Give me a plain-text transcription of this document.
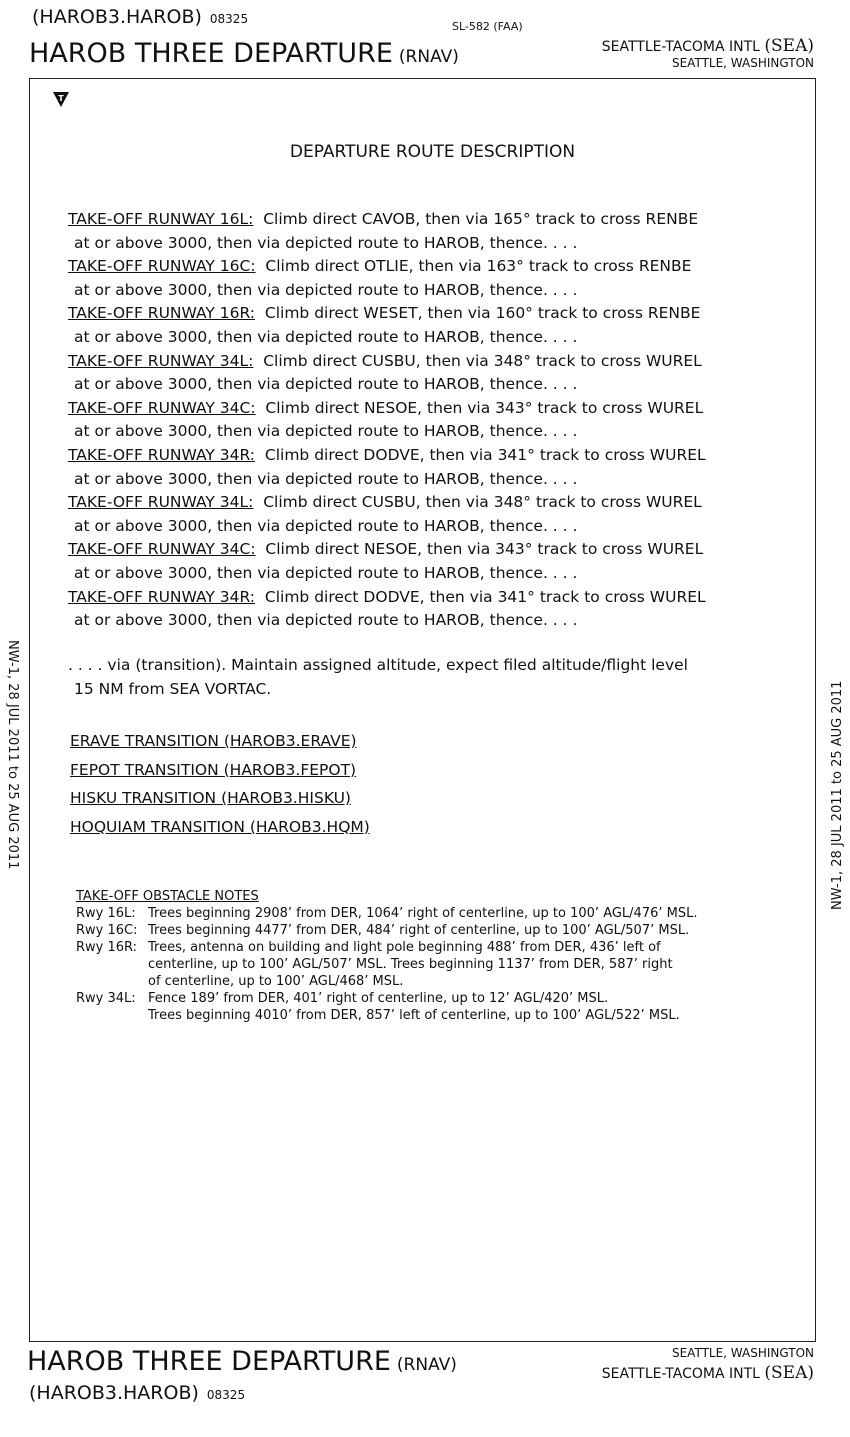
(HAROB3.HAROB) 08325
SL-582 (FAA)
HAROB THREE DEPARTURE (RNAV)	SEATTLE-TACOMA INTL (SEA)
SEATTLE, WASHINGTON
T
NW-1, 28 JUL 2011 to 25 AUG 2011	NW-1, 28 JUL 2011 to 25 AUG 2011
DEPARTURE ROUTE DESCRIPTION
TAKE-OFF RUNWAY 16L: Climb direct CAVOB, then via 165° track to cross RENBE
at or above 3000, then via depicted route to HAROB, thence. . . .
TAKE-OFF RUNWAY 16C: Climb direct OTLIE, then via 163° track to cross RENBE
at or above 3000, then via depicted route to HAROB, thence. . . .
TAKE-OFF RUNWAY 16R: Climb direct WESET, then via 160° track to cross RENBE
at or above 3000, then via depicted route to HAROB, thence. . . .
TAKE-OFF RUNWAY 34L: Climb direct CUSBU, then via 348° track to cross WUREL
at or above 3000, then via depicted route to HAROB, thence. . . .
TAKE-OFF RUNWAY 34C: Climb direct NESOE, then via 343° track to cross WUREL
at or above 3000, then via depicted route to HAROB, thence. . . .
TAKE-OFF RUNWAY 34R: Climb direct DODVE, then via 341° track to cross WUREL
at or above 3000, then via depicted route to HAROB, thence. . . .
TAKE-OFF RUNWAY 34L: Climb direct CUSBU, then via 348° track to cross WUREL
at or above 3000, then via depicted route to HAROB, thence. . . .
TAKE-OFF RUNWAY 34C: Climb direct NESOE, then via 343° track to cross WUREL
at or above 3000, then via depicted route to HAROB, thence. . . .
TAKE-OFF RUNWAY 34R: Climb direct DODVE, then via 341° track to cross WUREL
at or above 3000, then via depicted route to HAROB, thence. . . .
. . . . via (transition). Maintain assigned altitude, expect filed altitude/flight level
15 NM from SEA VORTAC.
ERAVE TRANSITION (HAROB3.ERAVE)
FEPOT TRANSITION (HAROB3.FEPOT)
HISKU TRANSITION (HAROB3.HISKU)
HOQUIAM TRANSITION (HAROB3.HQM)
TAKE-OFF OBSTACLE NOTES
Rwy 16L: Trees beginning 2908’ from DER, 1064’ right of centerline, up to 100’ AGL/476’ MSL.
Rwy 16C: Trees beginning 4477’ from DER, 484’ right of centerline, up to 100’ AGL/507’ MSL.
Rwy 16R: Trees, antenna on building and light pole beginning 488’ from DER, 436’ left of
centerline, up to 100’ AGL/507’ MSL. Trees beginning 1137’ from DER, 587’ right
of centerline, up to 100’ AGL/468’ MSL.
Rwy 34L: Fence 189’ from DER, 401’ right of centerline, up to 12’ AGL/420’ MSL.
Trees beginning 4010’ from DER, 857’ left of centerline, up to 100’ AGL/522’ MSL.
HAROB THREE DEPARTURE (RNAV)
(HAROB3.HAROB) 08325
SEATTLE, WASHINGTON
SEATTLE-TACOMA INTL (SEA)
